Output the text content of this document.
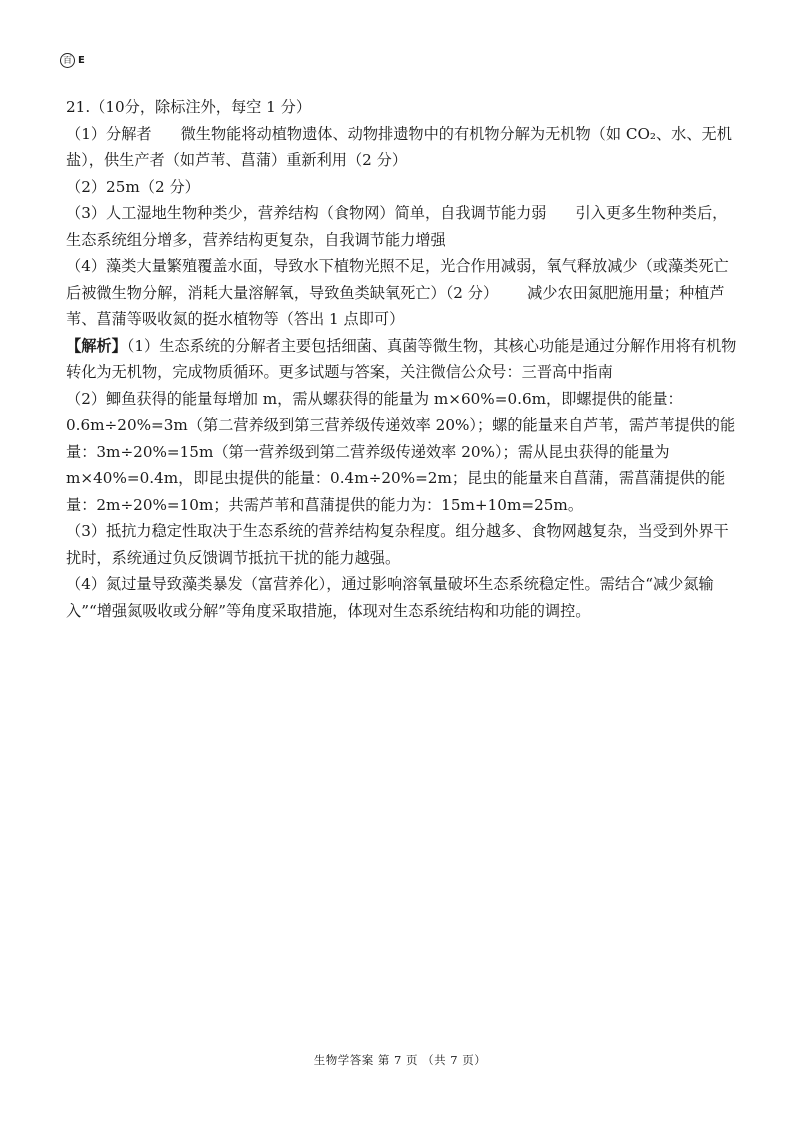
百 E

21.（10分，除标注外，每空 1 分）

（1）分解者      微生物能将动植物遗体、动物排遗物中的有机物分解为无机物（如 CO₂、水、无机盐），供生产者（如芦苇、菖蒲）重新利用（2 分）

（2）25m（2 分）

（3）人工湿地生物种类少，营养结构（食物网）简单，自我调节能力弱      引入更多生物种类后，生态系统组分增多，营养结构更复杂，自我调节能力增强

（4）藻类大量繁殖覆盖水面，导致水下植物光照不足，光合作用减弱，氧气释放减少（或藻类死亡后被微生物分解，消耗大量溶解氧，导致鱼类缺氧死亡）（2 分）      减少农田氮肥施用量；种植芦苇、菖蒲等吸收氮的挺水植物等（答出 1 点即可）

【解析】（1）生态系统的分解者主要包括细菌、真菌等微生物，其核心功能是通过分解作用将有机物转化为无机物，完成物质循环。更多试题与答案，关注微信公众号：三晋高中指南

（2）鲫鱼获得的能量每增加 m，需从螺获得的能量为 m×60%=0.6m，即螺提供的能量：0.6m÷20%=3m（第二营养级到第三营养级传递效率 20%）；螺的能量来自芦苇，需芦苇提供的能量：3m÷20%=15m（第一营养级到第二营养级传递效率 20%）；需从昆虫获得的能量为 m×40%=0.4m，即昆虫提供的能量：0.4m÷20%=2m；昆虫的能量来自菖蒲，需菖蒲提供的能量：2m÷20%=10m；共需芦苇和菖蒲提供的能力为：15m+10m=25m。

（3）抵抗力稳定性取决于生态系统的营养结构复杂程度。组分越多、食物网越复杂，当受到外界干扰时，系统通过负反馈调节抵抗干扰的能力越强。

（4）氮过量导致藻类暴发（富营养化），通过影响溶氧量破坏生态系统稳定性。需结合“减少氮输入”“增强氮吸收或分解”等角度采取措施，体现对生态系统结构和功能的调控。

生物学答案 第 7 页 （共 7 页）
